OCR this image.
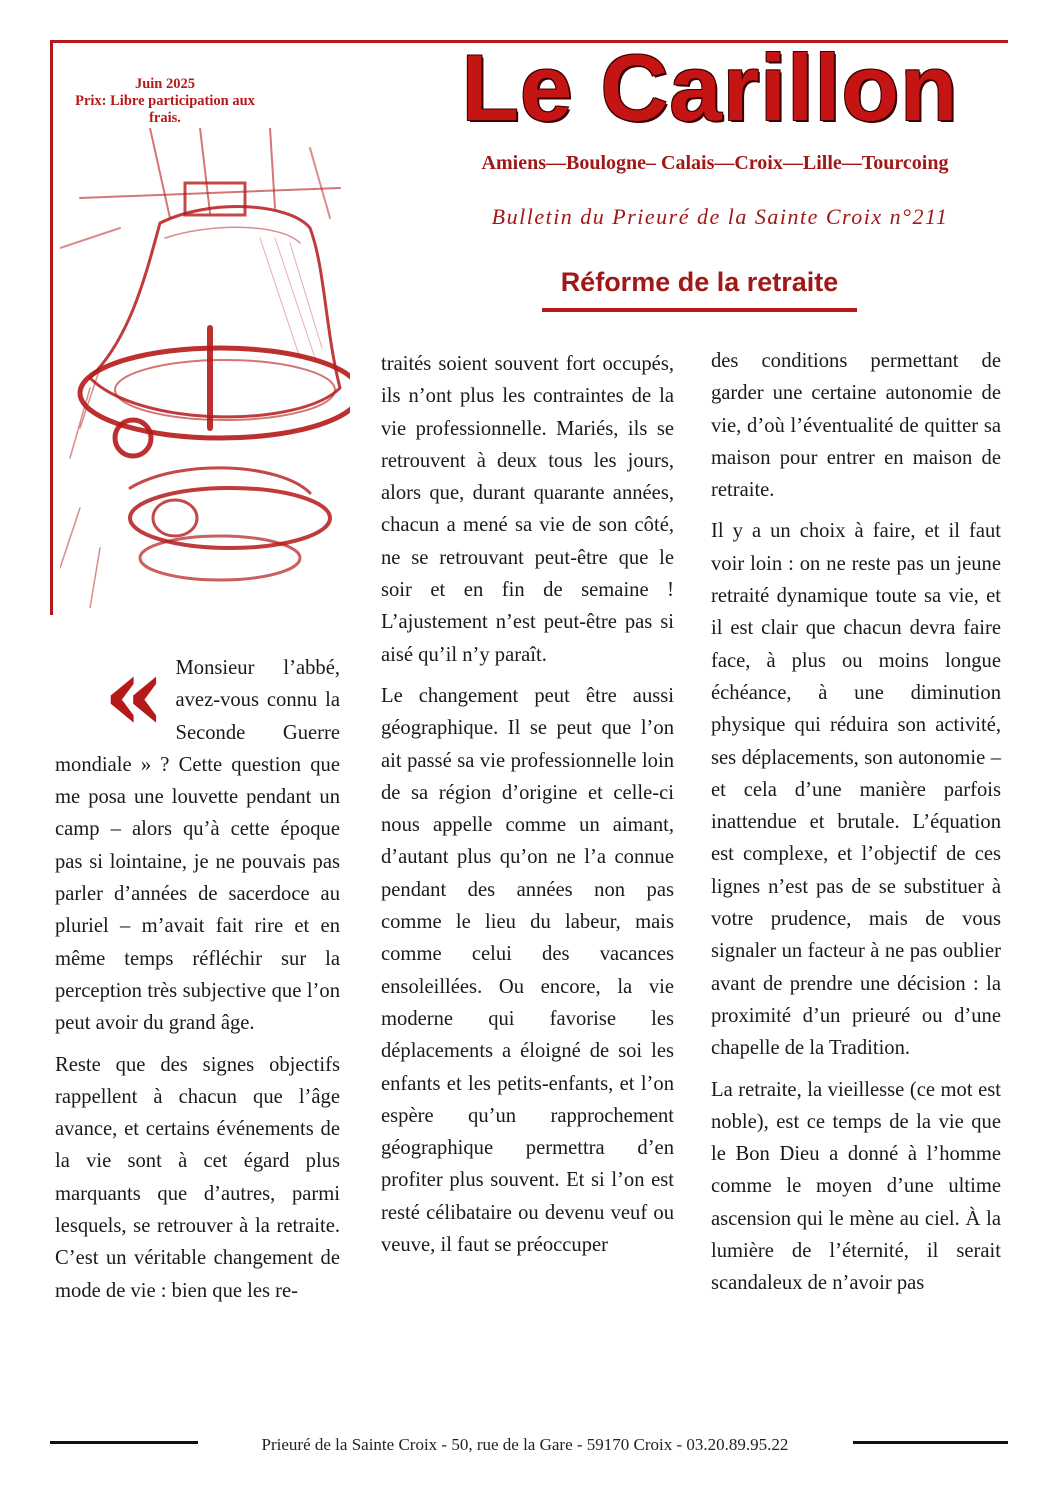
Juin 2025
Prix: Libre participation aux frais.	Le Carillon
Amiens—Boulogne– Calais—Croix—Lille—Tourcoing
Bulletin du Prieuré de la Sainte Croix n°211
Réforme de la retraite
« Monsieur l’abbé, avez-vous connu la Seconde Guerre mondiale » ? Cette question que me posa une louvette pendant un camp – alors qu’à cette époque pas si lointaine, je ne pouvais pas parler d’années de sacerdoce au pluriel – m’avait fait rire et en même temps réfléchir sur la perception très subjective que l’on peut avoir du grand âge.

Reste que des signes objectifs rappellent à chacun que l’âge avance, et certains événements de la vie sont à cet égard plus marquants que d’autres, parmi lesquels, se retrouver à la retraite. C’est un véritable changement de mode de vie : bien que les re-

traités soient souvent fort occupés, ils n’ont plus les contraintes de la vie professionnelle. Mariés, ils se retrouvent à deux tous les jours, alors que, durant quarante années, chacun a mené sa vie de son côté, ne se retrouvant peut-être que le soir et en fin de semaine ! L’ajustement n’est peut-être pas si aisé qu’il n’y paraît.

Le changement peut être aussi géographique. Il se peut que l’on ait passé sa vie professionnelle loin de sa région d’origine et celle-ci nous appelle comme un aimant, d’autant plus qu’on ne l’a connue pendant des années non pas comme le lieu du labeur, mais comme celui des vacances ensoleillées. Ou encore, la vie moderne qui favorise les déplacements a éloigné de soi les enfants et les petits-enfants, et l’on espère qu’un rapprochement géographique permettra d’en profiter plus souvent. Et si l’on est resté célibataire ou devenu veuf ou veuve, il faut se préoccuper

des conditions permettant de garder une certaine autonomie de vie, d’où l’éventualité de quitter sa maison pour entrer en maison de retraite.

Il y a un choix à faire, et il faut voir loin : on ne reste pas un jeune retraité dynamique toute sa vie, et il est clair que chacun devra faire face, à plus ou moins longue échéance, à une diminution physique qui réduira son activité, ses déplacements, son autonomie – et cela d’une manière parfois inattendue et brutale. L’équation est complexe, et l’objectif de ces lignes n’est pas de se substituer à votre prudence, mais de vous signaler un facteur à ne pas oublier avant de prendre une décision : la proximité d’un prieuré ou d’une chapelle de la Tradition.

La retraite, la vieillesse (ce mot est noble), est ce temps de la vie que le Bon Dieu a donné à l’homme comme le moyen d’une ultime ascension qui le mène au ciel. À la lumière de l’éternité, il serait scandaleux de n’avoir pas

Prieuré de la Sainte Croix - 50, rue de la Gare - 59170 Croix - 03.20.89.95.22
